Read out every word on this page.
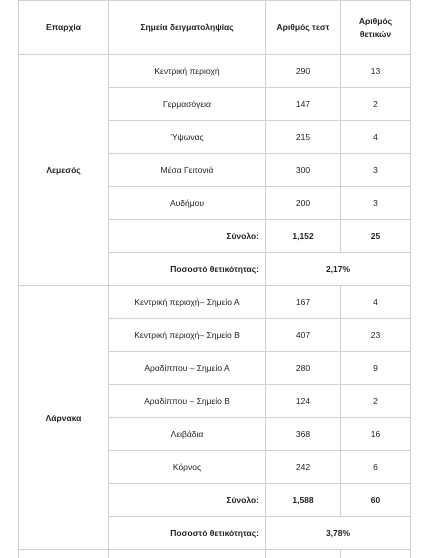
Επαρχία	Σημεία δειγματοληψίας	Αριθμός τεστ	Αριθμός
θετικών
Λεμεσός	Κεντρική περιοχή	290	13
	Γερμασόγεια	147	2
	Ύψωνας	215	4
	Μέσα Γειτονιά	300	3
	Αυδήμου	200	3
	Σύνολο:	1,152	25
	Ποσοστό θετικότητας:	2,17%	
Λάρνακα	Κεντρική περιοχή– Σημείο Α	167	4
	Κεντρική περιοχή– Σημείο Β	407	23
	Αραδίππου – Σημείο Α	280	9
	Αραδίππου – Σημείο Β	124	2
	Λειβάδια	368	16
	Κόρνος	242	6
	Σύνολο:	1,588	60
	Ποσοστό θετικότητας:	3,78%	
